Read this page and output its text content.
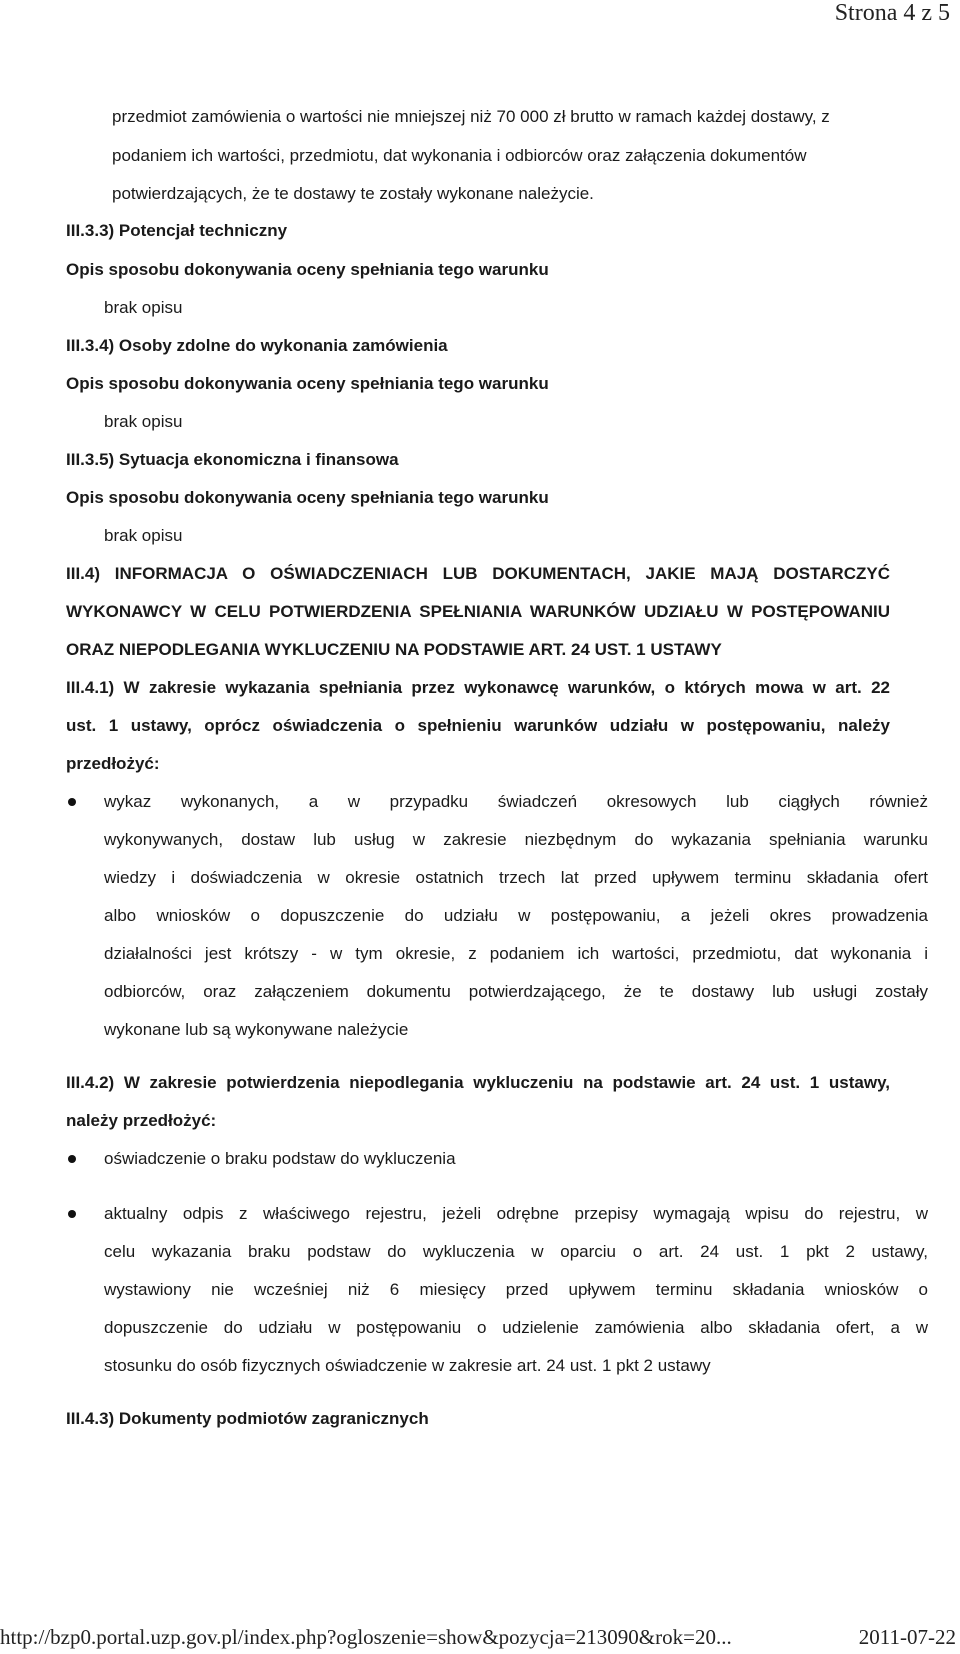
Strona 4 z 5
przedmiot zamówienia o wartości nie mniejszej niż 70 000 zł brutto w ramach każdej dostawy, z
podaniem ich wartości, przedmiotu, dat wykonania i odbiorców oraz załączenia dokumentów
potwierdzających, że te dostawy te zostały wykonane należycie.
III.3.3) Potencjał techniczny
Opis sposobu dokonywania oceny spełniania tego warunku
brak opisu
III.3.4) Osoby zdolne do wykonania zamówienia
Opis sposobu dokonywania oceny spełniania tego warunku
brak opisu
III.3.5) Sytuacja ekonomiczna i finansowa
Opis sposobu dokonywania oceny spełniania tego warunku
brak opisu
III.4) INFORMACJA O OŚWIADCZENIACH LUB DOKUMENTACH, JAKIE MAJĄ DOSTARCZYĆ
WYKONAWCY W CELU POTWIERDZENIA SPEŁNIANIA WARUNKÓW UDZIAŁU W POSTĘPOWANIU
ORAZ NIEPODLEGANIA WYKLUCZENIU NA PODSTAWIE ART. 24 UST. 1 USTAWY
III.4.1) W zakresie wykazania spełniania przez wykonawcę warunków, o których mowa w art. 22
ust. 1 ustawy, oprócz oświadczenia o spełnieniu warunków udziału w postępowaniu, należy
przedłożyć:
wykaz wykonanych, a w przypadku świadczeń okresowych lub ciągłych również
wykonywanych, dostaw lub usług w zakresie niezbędnym do wykazania spełniania warunku
wiedzy i doświadczenia w okresie ostatnich trzech lat przed upływem terminu składania ofert
albo wniosków o dopuszczenie do udziału w postępowaniu, a jeżeli okres prowadzenia
działalności jest krótszy - w tym okresie, z podaniem ich wartości, przedmiotu, dat wykonania i
odbiorców, oraz załączeniem dokumentu potwierdzającego, że te dostawy lub usługi zostały
wykonane lub są wykonywane należycie
III.4.2) W zakresie potwierdzenia niepodlegania wykluczeniu na podstawie art. 24 ust. 1 ustawy,
należy przedłożyć:
oświadczenie o braku podstaw do wykluczenia
aktualny odpis z właściwego rejestru, jeżeli odrębne przepisy wymagają wpisu do rejestru, w
celu wykazania braku podstaw do wykluczenia w oparciu o art. 24 ust. 1 pkt 2 ustawy,
wystawiony nie wcześniej niż 6 miesięcy przed upływem terminu składania wniosków o
dopuszczenie do udziału w postępowaniu o udzielenie zamówienia albo składania ofert, a w
stosunku do osób fizycznych oświadczenie w zakresie art. 24 ust. 1 pkt 2 ustawy
III.4.3) Dokumenty podmiotów zagranicznych
http://bzp0.portal.uzp.gov.pl/index.php?ogloszenie=show&pozycja=213090&rok=20...	2011-07-22
